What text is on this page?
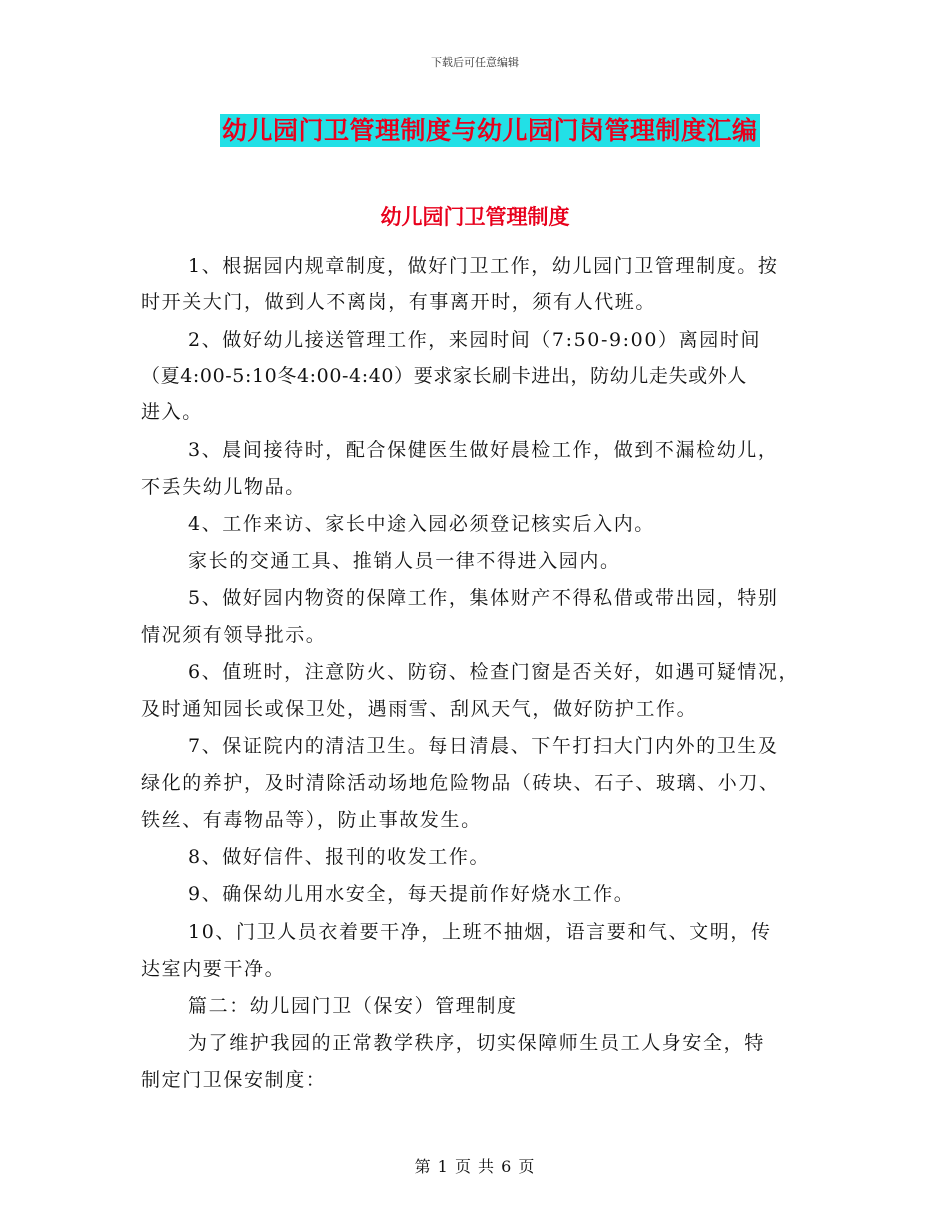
下载后可任意编辑
幼儿园门卫管理制度与幼儿园门岗管理制度汇编
幼儿园门卫管理制度
1、根据园内规章制度，做好门卫工作，幼儿园门卫管理制度。按
时开关大门，做到人不离岗，有事离开时，须有人代班。
2、做好幼儿接送管理工作，来园时间（7:50-9:00）离园时间
（夏4:00-5:10冬4:00-4:40）要求家长刷卡进出，防幼儿走失或外人
进入。
3、晨间接待时，配合保健医生做好晨检工作，做到不漏检幼儿，
不丢失幼儿物品。
4、工作来访、家长中途入园必须登记核实后入内。
家长的交通工具、推销人员一律不得进入园内。
5、做好园内物资的保障工作，集体财产不得私借或带出园，特别
情况须有领导批示。
6、值班时，注意防火、防窃、检查门窗是否关好，如遇可疑情况，
及时通知园长或保卫处，遇雨雪、刮风天气，做好防护工作。
7、保证院内的清洁卫生。每日清晨、下午打扫大门内外的卫生及
绿化的养护，及时清除活动场地危险物品（砖块、石子、玻璃、小刀、
铁丝、有毒物品等），防止事故发生。
8、做好信件、报刊的收发工作。
9、确保幼儿用水安全，每天提前作好烧水工作。
10、门卫人员衣着要干净，上班不抽烟，语言要和气、文明，传
达室内要干净。
篇二：幼儿园门卫（保安）管理制度
为了维护我园的正常教学秩序，切实保障师生员工人身安全，特
制定门卫保安制度：
第 1 页 共 6 页
